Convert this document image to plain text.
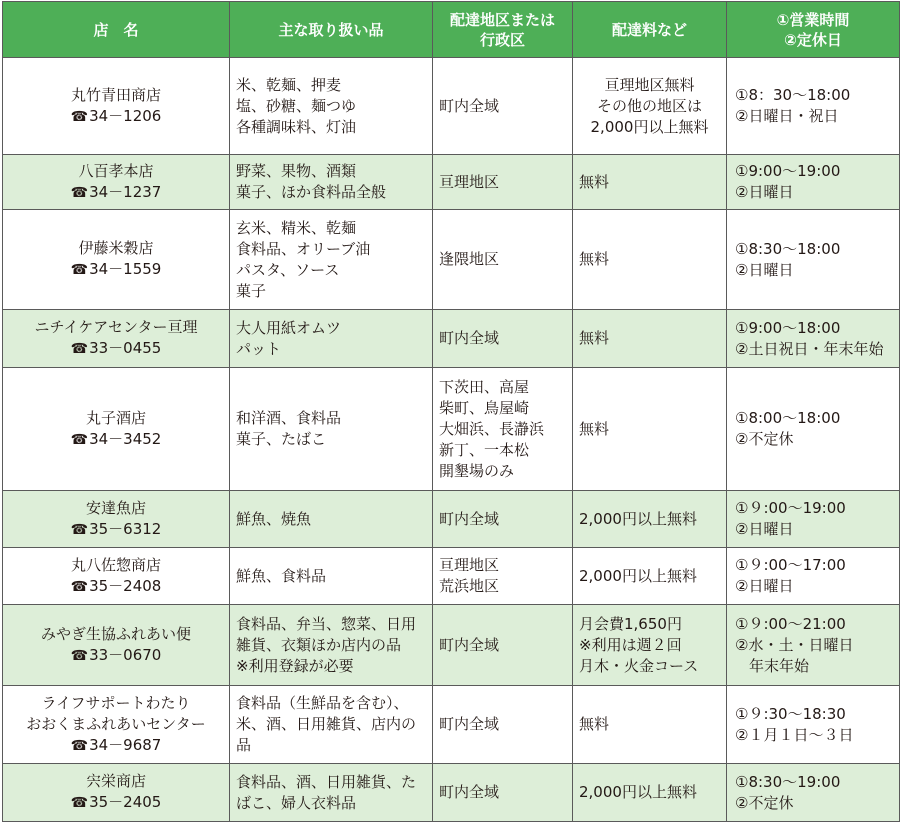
店　名	主な取り扱い品	配達地区または
行政区	配達料など	①営業時間
②定休日

丸竹青田商店
☎34－1206	米、乾麺、押麦
塩、砂糖、麺つゆ
各種調味料、灯油	町内全域	亘理地区無料
その他の地区は
2,000円以上無料	①8：30～18:00
②日曜日・祝日

八百孝本店
☎34－1237	野菜、果物、酒類
菓子、ほか食料品全般	亘理地区	無料	①9:00～19:00
②日曜日

伊藤米穀店
☎34－1559	玄米、精米、乾麺
食料品、オリーブ油
パスタ、ソース
菓子	逢隈地区	無料	①8:30～18:00
②日曜日

ニチイケアセンター亘理
☎33－0455	大人用紙オムツ
パット	町内全域	無料	①9:00～18:00
②土日祝日・年末年始

丸子酒店
☎34－3452	和洋酒、食料品
菓子、たばこ	下茨田、高屋
柴町、鳥屋崎
大畑浜、長瀞浜
新丁、一本松
開墾場のみ	無料	①8:00～18:00
②不定休

安達魚店
☎35－6312	鮮魚、焼魚	町内全域	2,000円以上無料	①９:00～19:00
②日曜日

丸八佐惣商店
☎35－2408	鮮魚、食料品	亘理地区
荒浜地区	2,000円以上無料	①９:00～17:00
②日曜日

みやぎ生協ふれあい便
☎33－0670	食料品、弁当、惣菜、日用
雑貨、衣類ほか店内の品
※利用登録が必要	町内全域	月会費1,650円
※利用は週２回
月木・火金コース	①９:00～21:00
②水・土・日曜日
年末年始

ライフサポートわたり
おおくまふれあいセンター
☎34－9687	食料品（生鮮品を含む）、
米、酒、日用雑貨、店内の
品	町内全域	無料	①９:30～18:30
②１月１日～３日

宍栄商店
☎35－2405	食料品、酒、日用雑貨、た
ばこ、婦人衣料品	町内全域	2,000円以上無料	①8:30～19:00
②不定休
